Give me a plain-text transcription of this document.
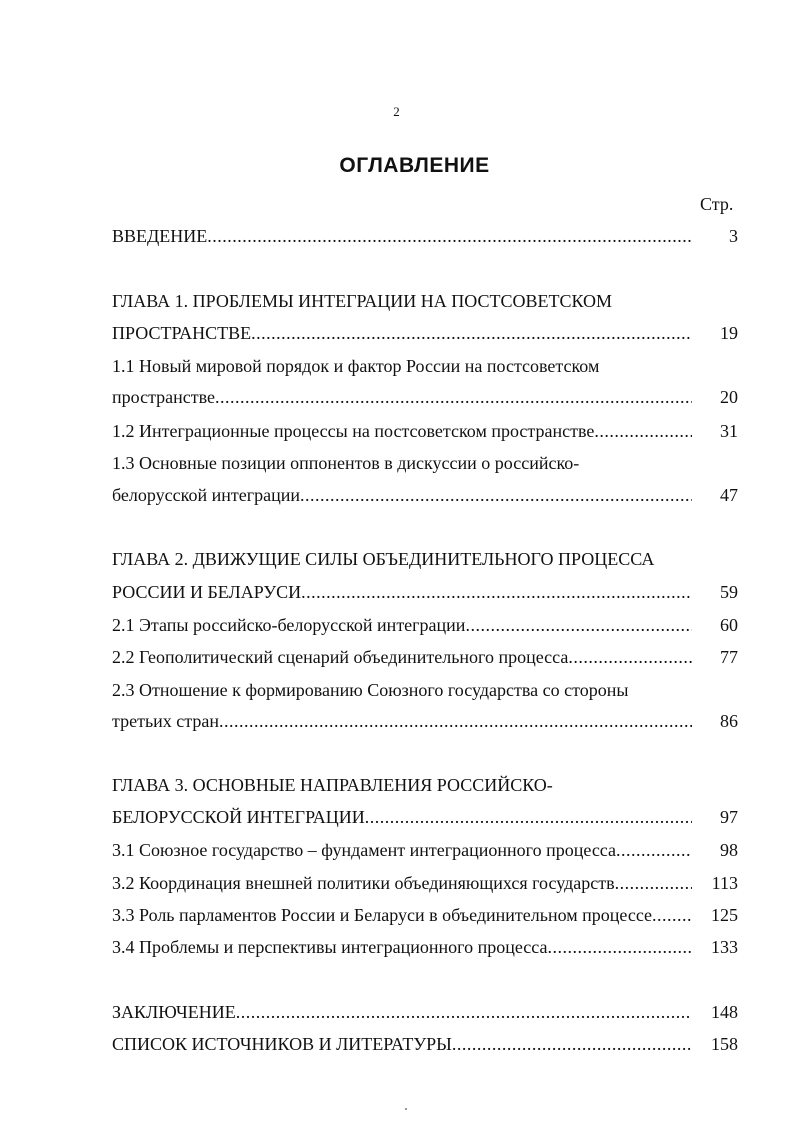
2
ОГЛАВЛЕНИЕ
Стр.
ВВЕДЕНИЕ .....	3
ГЛАВА 1. ПРОБЛЕМЫ ИНТЕГРАЦИИ НА ПОСТСОВЕТСКОМ
ПРОСТРАНСТВЕ .....	19
1.1 Новый мировой порядок и фактор России на постсоветском
пространстве .....	20
1.2 Интеграционные процессы на постсоветском пространстве .....	31
1.3 Основные позиции оппонентов в дискуссии о российско-
белорусской интеграции .....	47
ГЛАВА 2. ДВИЖУЩИЕ СИЛЫ ОБЪЕДИНИТЕЛЬНОГО ПРОЦЕССА
РОССИИ И БЕЛАРУСИ .....	59
2.1 Этапы российско-белорусской интеграции .....	60
2.2 Геополитический сценарий объединительного процесса .....	77
2.3 Отношение к формированию Союзного государства со стороны
третьих стран .....	86
ГЛАВА 3. ОСНОВНЫЕ НАПРАВЛЕНИЯ РОССИЙСКО-
БЕЛОРУССКОЙ ИНТЕГРАЦИИ .....	97
3.1 Союзное государство – фундамент интеграционного процесса .....	98
3.2 Координация внешней политики объединяющихся государств .....	113
3.3 Роль парламентов России и Беларуси в объединительном процессе .....	125
3.4 Проблемы и перспективы интеграционного процесса .....	133
ЗАКЛЮЧЕНИЕ .....	148
СПИСОК ИСТОЧНИКОВ И ЛИТЕРАТУРЫ .....	158
